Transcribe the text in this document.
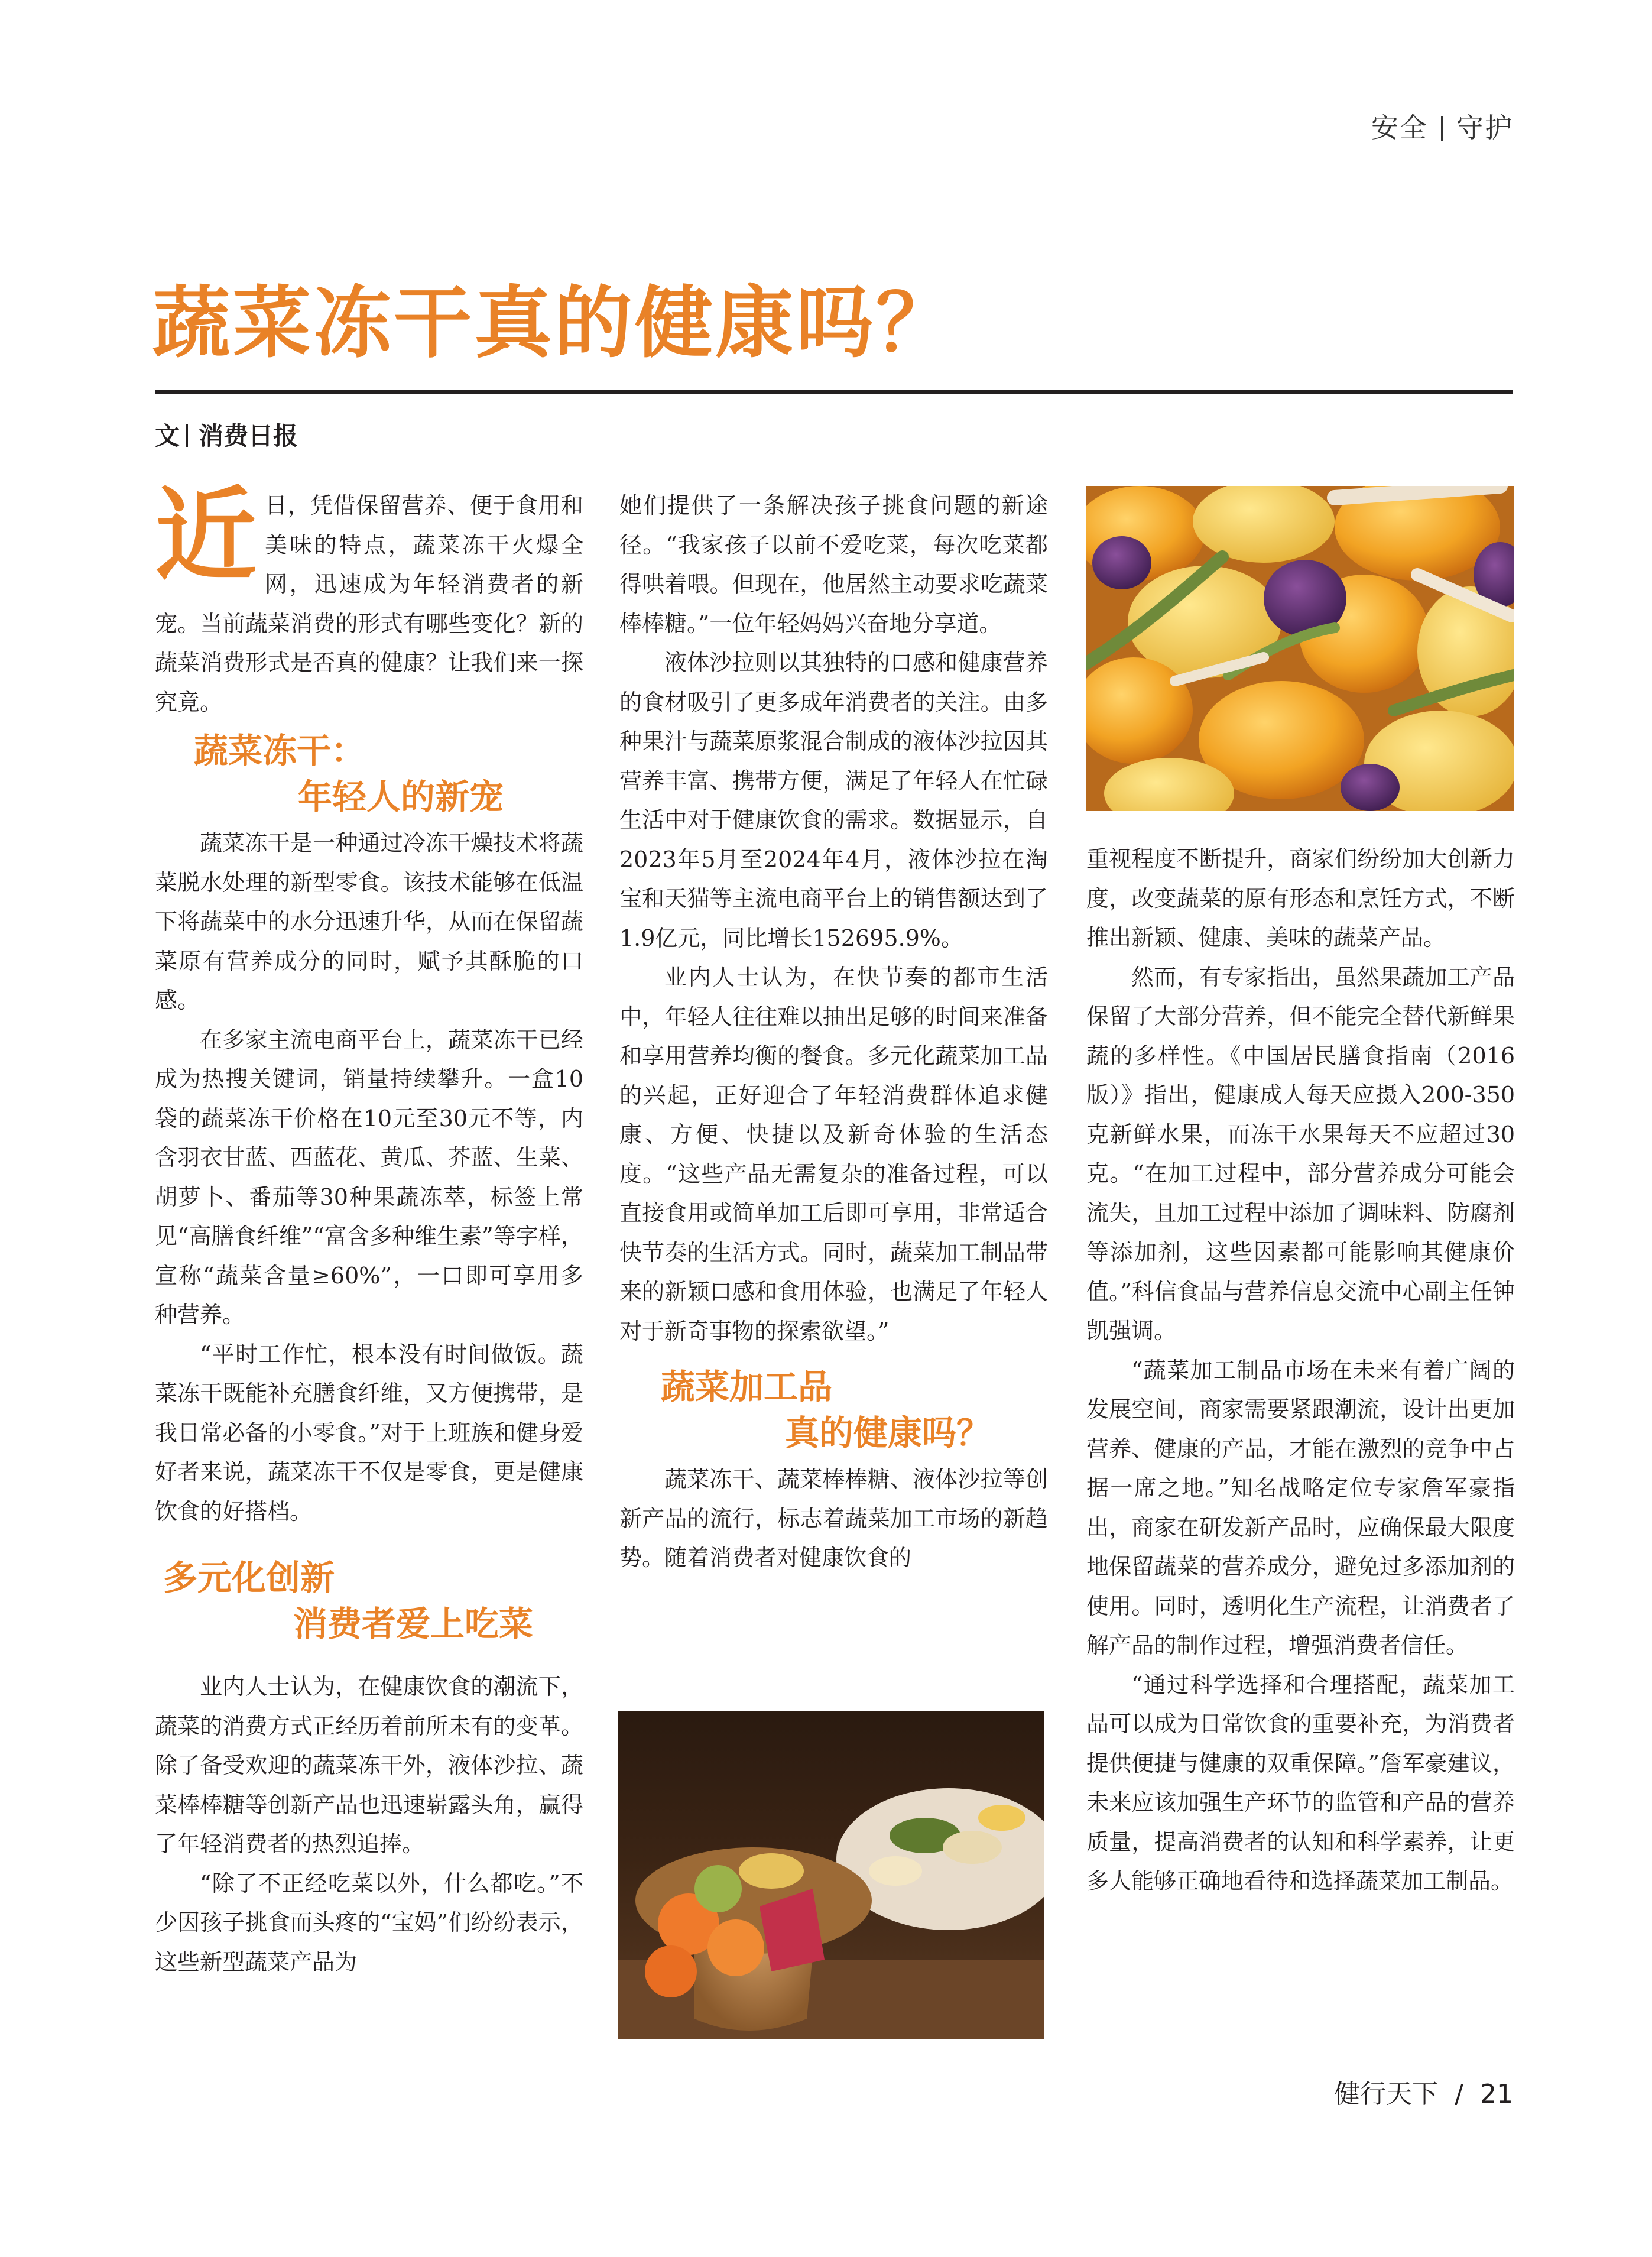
安全 守护
蔬菜冻干真的健康吗？
文 消费日报

近日，凭借保留营养、便于食用和美味的特点，蔬菜冻干火爆全网，迅速成为年轻消费者的新宠。当前蔬菜消费的形式有哪些变化？新的蔬菜消费形式是否真的健康？让我们来一探究竟。

蔬菜冻干：
年轻人的新宠

蔬菜冻干是一种通过冷冻干燥技术将蔬菜脱水处理的新型零食。该技术能够在低温下将蔬菜中的水分迅速升华，从而在保留蔬菜原有营养成分的同时，赋予其酥脆的口感。

在多家主流电商平台上，蔬菜冻干已经成为热搜关键词，销量持续攀升。一盒10袋的蔬菜冻干价格在10元至30元不等，内含羽衣甘蓝、西蓝花、黄瓜、芥蓝、生菜、胡萝卜、番茄等30种果蔬冻萃，标签上常见“高膳食纤维”“富含多种维生素”等字样，宣称“蔬菜含量≥60%”，一口即可享用多种营养。

“平时工作忙，根本没有时间做饭。蔬菜冻干既能补充膳食纤维，又方便携带，是我日常必备的小零食。”对于上班族和健身爱好者来说，蔬菜冻干不仅是零食，更是健康饮食的好搭档。

多元化创新
消费者爱上吃菜

业内人士认为，在健康饮食的潮流下，蔬菜的消费方式正经历着前所未有的变革。除了备受欢迎的蔬菜冻干外，液体沙拉、蔬菜棒棒糖等创新产品也迅速崭露头角，赢得了年轻消费者的热烈追捧。

“除了不正经吃菜以外，什么都吃。”不少因孩子挑食而头疼的“宝妈”们纷纷表示，这些新型蔬菜产品为

她们提供了一条解决孩子挑食问题的新途径。“我家孩子以前不爱吃菜，每次吃菜都得哄着喂。但现在，他居然主动要求吃蔬菜棒棒糖。”一位年轻妈妈兴奋地分享道。

液体沙拉则以其独特的口感和健康营养的食材吸引了更多成年消费者的关注。由多种果汁与蔬菜原浆混合制成的液体沙拉因其营养丰富、携带方便，满足了年轻人在忙碌生活中对于健康饮食的需求。数据显示，自2023年5月至2024年4月，液体沙拉在淘宝和天猫等主流电商平台上的销售额达到了1.9亿元，同比增长152695.9%。

业内人士认为，在快节奏的都市生活中，年轻人往往难以抽出足够的时间来准备和享用营养均衡的餐食。多元化蔬菜加工品的兴起，正好迎合了年轻消费群体追求健康、方便、快捷以及新奇体验的生活态度。“这些产品无需复杂的准备过程，可以直接食用或简单加工后即可享用，非常适合快节奏的生活方式。同时，蔬菜加工制品带来的新颖口感和食用体验，也满足了年轻人对于新奇事物的探索欲望。”

蔬菜加工品
真的健康吗？

蔬菜冻干、蔬菜棒棒糖、液体沙拉等创新产品的流行，标志着蔬菜加工市场的新趋势。随着消费者对健康饮食的

重视程度不断提升，商家们纷纷加大创新力度，改变蔬菜的原有形态和烹饪方式，不断推出新颖、健康、美味的蔬菜产品。

然而，有专家指出，虽然果蔬加工产品保留了大部分营养，但不能完全替代新鲜果蔬的多样性。《中国居民膳食指南（2016版）》指出，健康成人每天应摄入200-350克新鲜水果，而冻干水果每天不应超过30克。“在加工过程中，部分营养成分可能会流失，且加工过程中添加了调味料、防腐剂等添加剂，这些因素都可能影响其健康价值。”科信食品与营养信息交流中心副主任钟凯强调。

“蔬菜加工制品市场在未来有着广阔的发展空间，商家需要紧跟潮流，设计出更加营养、健康的产品，才能在激烈的竞争中占据一席之地。”知名战略定位专家詹军豪指出，商家在研发新产品时，应确保最大限度地保留蔬菜的营养成分，避免过多添加剂的使用。同时，透明化生产流程，让消费者了解产品的制作过程，增强消费者信任。

“通过科学选择和合理搭配，蔬菜加工品可以成为日常饮食的重要补充，为消费者提供便捷与健康的双重保障。”詹军豪建议，未来应该加强生产环节的监管和产品的营养质量，提高消费者的认知和科学素养，让更多人能够正确地看待和选择蔬菜加工制品。

健行天下 / 21
